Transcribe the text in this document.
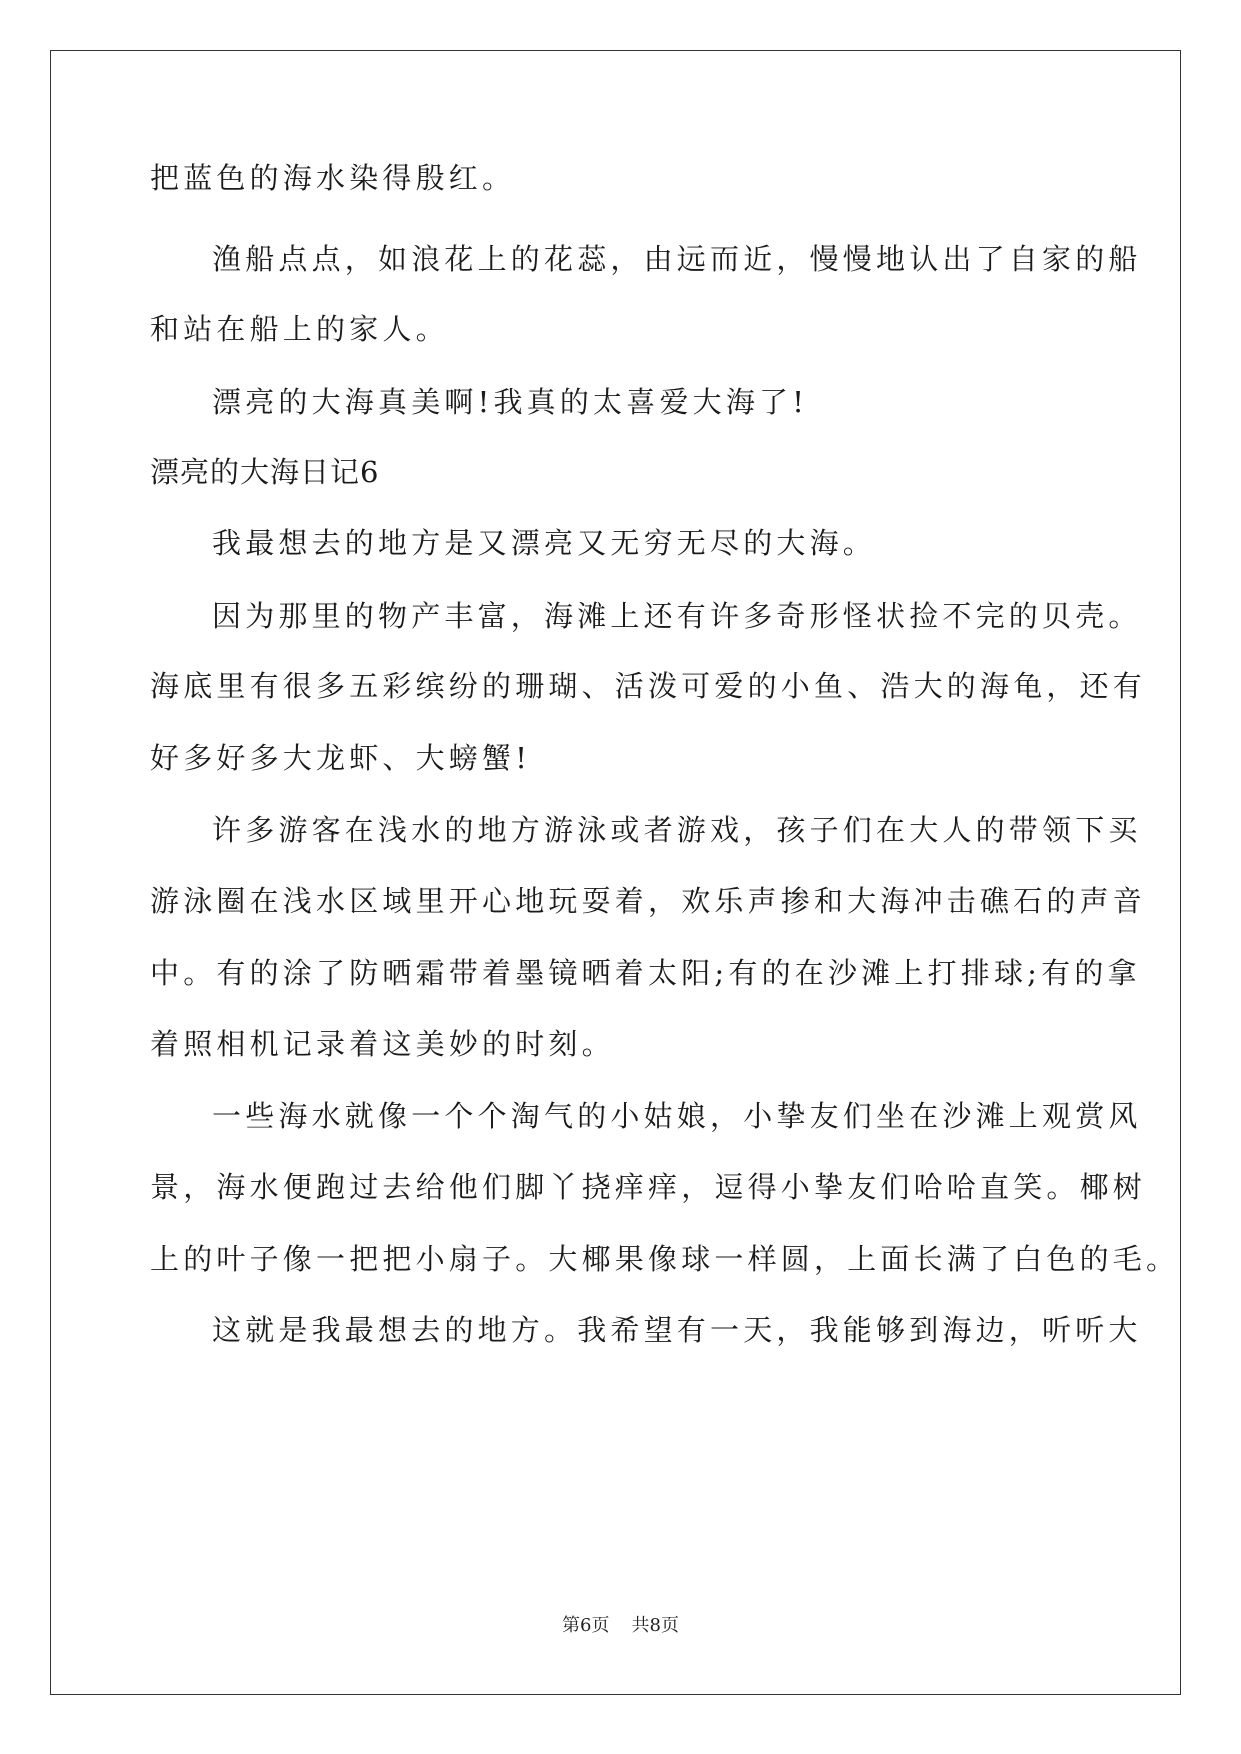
把蓝色的海水染得殷红。
渔船点点，如浪花上的花蕊，由远而近，慢慢地认出了自家的船
和站在船上的家人。
漂亮的大海真美啊!我真的太喜爱大海了!
漂亮的大海日记6
我最想去的地方是又漂亮又无穷无尽的大海。
因为那里的物产丰富，海滩上还有许多奇形怪状捡不完的贝壳。
海底里有很多五彩缤纷的珊瑚、活泼可爱的小鱼、浩大的海龟，还有
好多好多大龙虾、大螃蟹!
许多游客在浅水的地方游泳或者游戏，孩子们在大人的带领下买
游泳圈在浅水区域里开心地玩耍着，欢乐声掺和大海冲击礁石的声音
中。有的涂了防晒霜带着墨镜晒着太阳;有的在沙滩上打排球;有的拿
着照相机记录着这美妙的时刻。
一些海水就像一个个淘气的小姑娘，小挚友们坐在沙滩上观赏风
景，海水便跑过去给他们脚丫挠痒痒，逗得小挚友们哈哈直笑。椰树
上的叶子像一把把小扇子。大椰果像球一样圆，上面长满了白色的毛。
这就是我最想去的地方。我希望有一天，我能够到海边，听听大
第6页 共8页
